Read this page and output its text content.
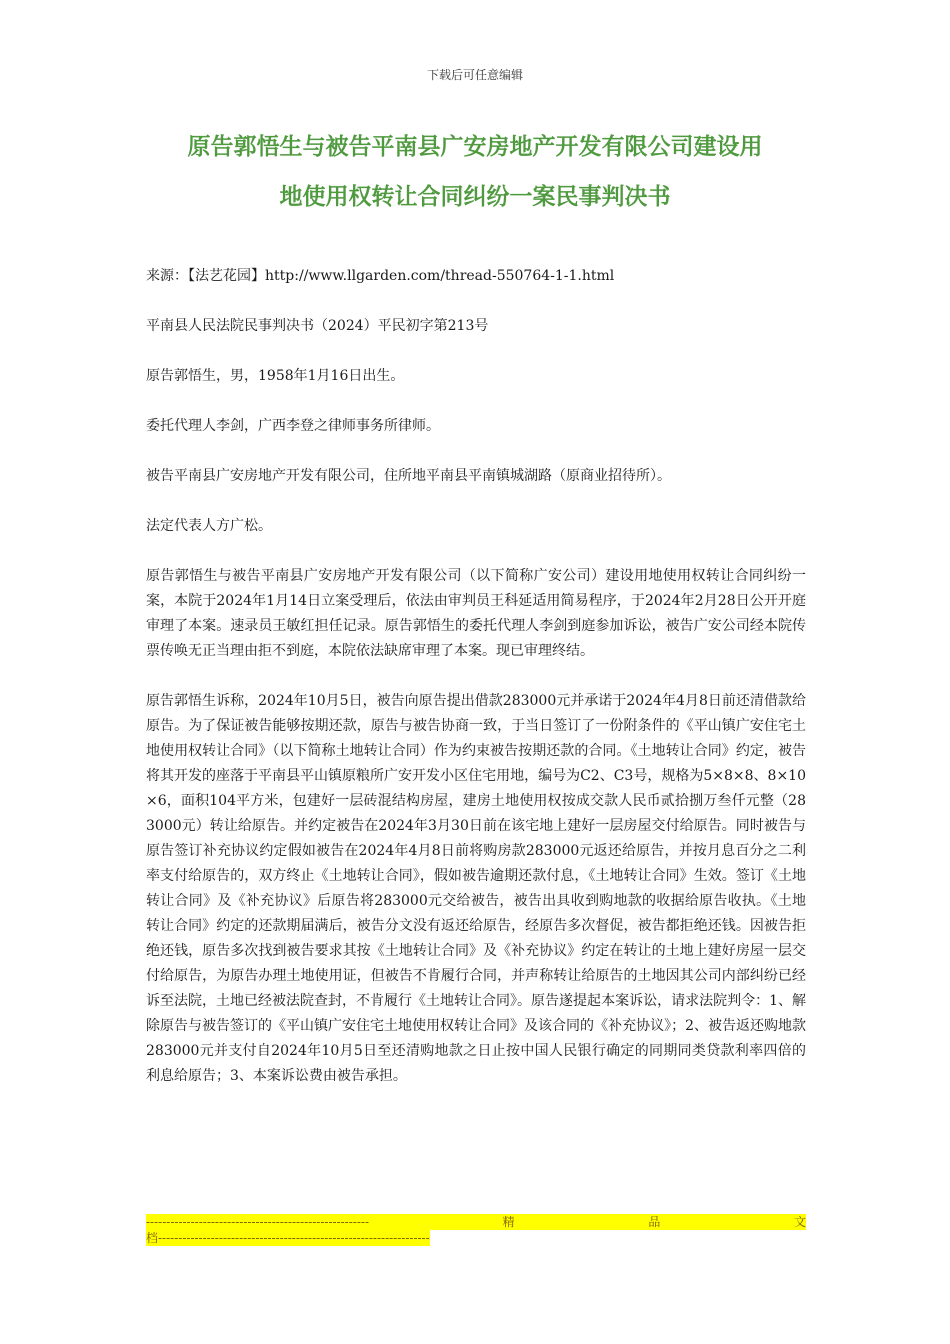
下载后可任意编辑
原告郭悟生与被告平南县广安房地产开发有限公司建设用
地使用权转让合同纠纷一案民事判决书

来源：【法艺花园】http://www.llgarden.com/thread-550764-1-1.html

平南县人民法院民事判决书（2024）平民初字第213号

原告郭悟生，男，1958年1月16日出生。

委托代理人李剑，广西李登之律师事务所律师。

被告平南县广安房地产开发有限公司，住所地平南县平南镇城湖路（原商业招待所）。

法定代表人方广松。

原告郭悟生与被告平南县广安房地产开发有限公司（以下简称广安公司）建设用地使用权转让合同纠纷一案，本院于2024年1月14日立案受理后，依法由审判员王科延适用简易程序，于2024年2月28日公开开庭审理了本案。速录员王敏红担任记录。原告郭悟生的委托代理人李剑到庭参加诉讼，被告广安公司经本院传票传唤无正当理由拒不到庭，本院依法缺席审理了本案。现已审理终结。

原告郭悟生诉称，2024年10月5日，被告向原告提出借款283000元并承诺于2024年4月8日前还清借款给原告。为了保证被告能够按期还款，原告与被告协商一致，于当日签订了一份附条件的《平山镇广安住宅土地使用权转让合同》（以下简称土地转让合同）作为约束被告按期还款的合同。《土地转让合同》约定，被告将其开发的座落于平南县平山镇原粮所广安开发小区住宅用地，编号为C2、C3号，规格为5×8×8、8×10×6，面积104平方米，包建好一层砖混结构房屋，建房土地使用权按成交款人民币贰拾捌万叁仟元整（283000元）转让给原告。并约定被告在2024年3月30日前在该宅地上建好一层房屋交付给原告。同时被告与原告签订补充协议约定假如被告在2024年4月8日前将购房款283000元返还给原告，并按月息百分之二利率支付给原告的，双方终止《土地转让合同》，假如被告逾期还款付息，《土地转让合同》生效。签订《土地转让合同》及《补充协议》后原告将283000元交给被告，被告出具收到购地款的收据给原告收执。《土地转让合同》约定的还款期届满后，被告分文没有返还给原告，经原告多次督促，被告都拒绝还钱。因被告拒绝还钱，原告多次找到被告要求其按《土地转让合同》及《补充协议》约定在转让的土地上建好房屋一层交付给原告，为原告办理土地使用证，但被告不肯履行合同，并声称转让给原告的土地因其公司内部纠纷已经诉至法院，土地已经被法院查封，不肯履行《土地转让合同》。原告遂提起本案诉讼，请求法院判令：1、解除原告与被告签订的《平山镇广安住宅土地使用权转让合同》及该合同的《补充协议》；2、被告返还购地款283000元并支付自2024年10月5日至还清购地款之日止按中国人民银行确定的同期同类贷款利率四倍的利息给原告；3、本案诉讼费由被告承担。

-------------------------------------------------------	精	品	文
档-------------------------------------------------------------------
